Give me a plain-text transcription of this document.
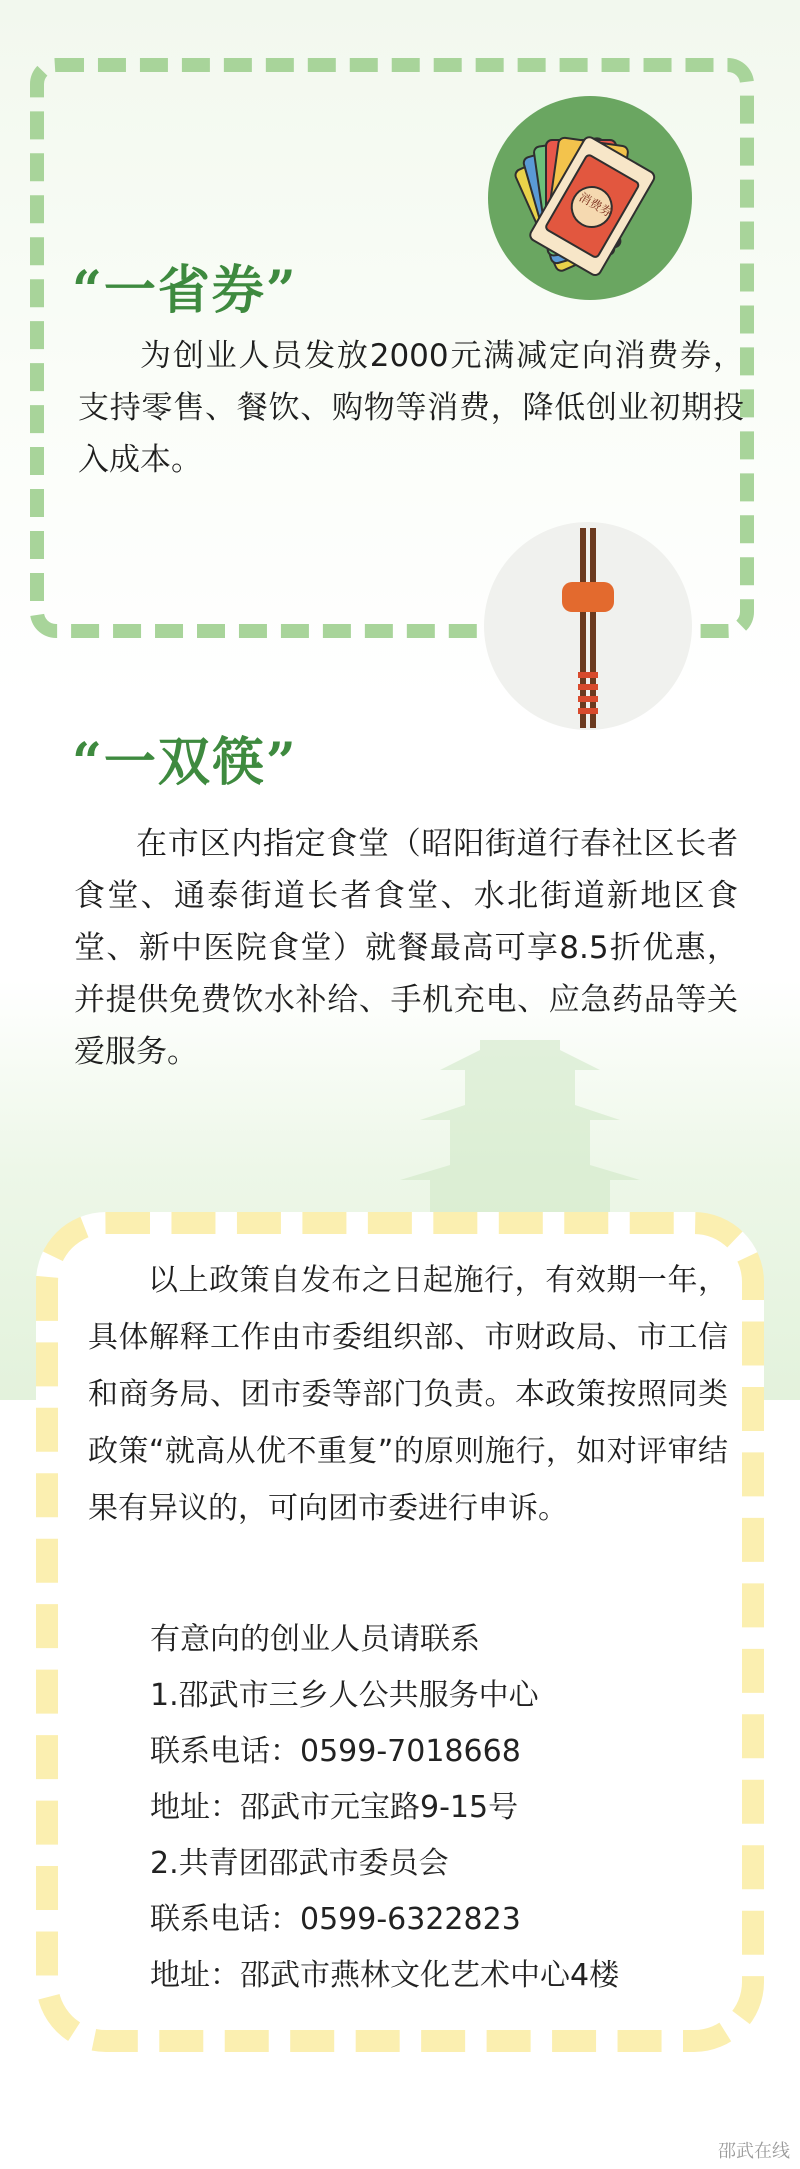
消费券
“一省券”

为创业人员发放2000元满减定向消费券，支持零售、餐饮、购物等消费，降低创业初期投入成本。

“一双筷”

在市区内指定食堂（昭阳街道行春社区长者食堂、通泰街道长者食堂、水北街道新地区食堂、新中医院食堂）就餐最高可享8.5折优惠，并提供免费饮水补给、手机充电、应急药品等关爱服务。

以上政策自发布之日起施行，有效期一年，具体解释工作由市委组织部、市财政局、市工信和商务局、团市委等部门负责。本政策按照同类政策“就高从优不重复”的原则施行，如对评审结果有异议的，可向团市委进行申诉。

有意向的创业人员请联系
1.邵武市三乡人公共服务中心
联系电话：0599-7018668
地址：邵武市元宝路9-15号
2.共青团邵武市委员会
联系电话：0599-6322823
地址：邵武市燕林文化艺术中心4楼
邵武在线
